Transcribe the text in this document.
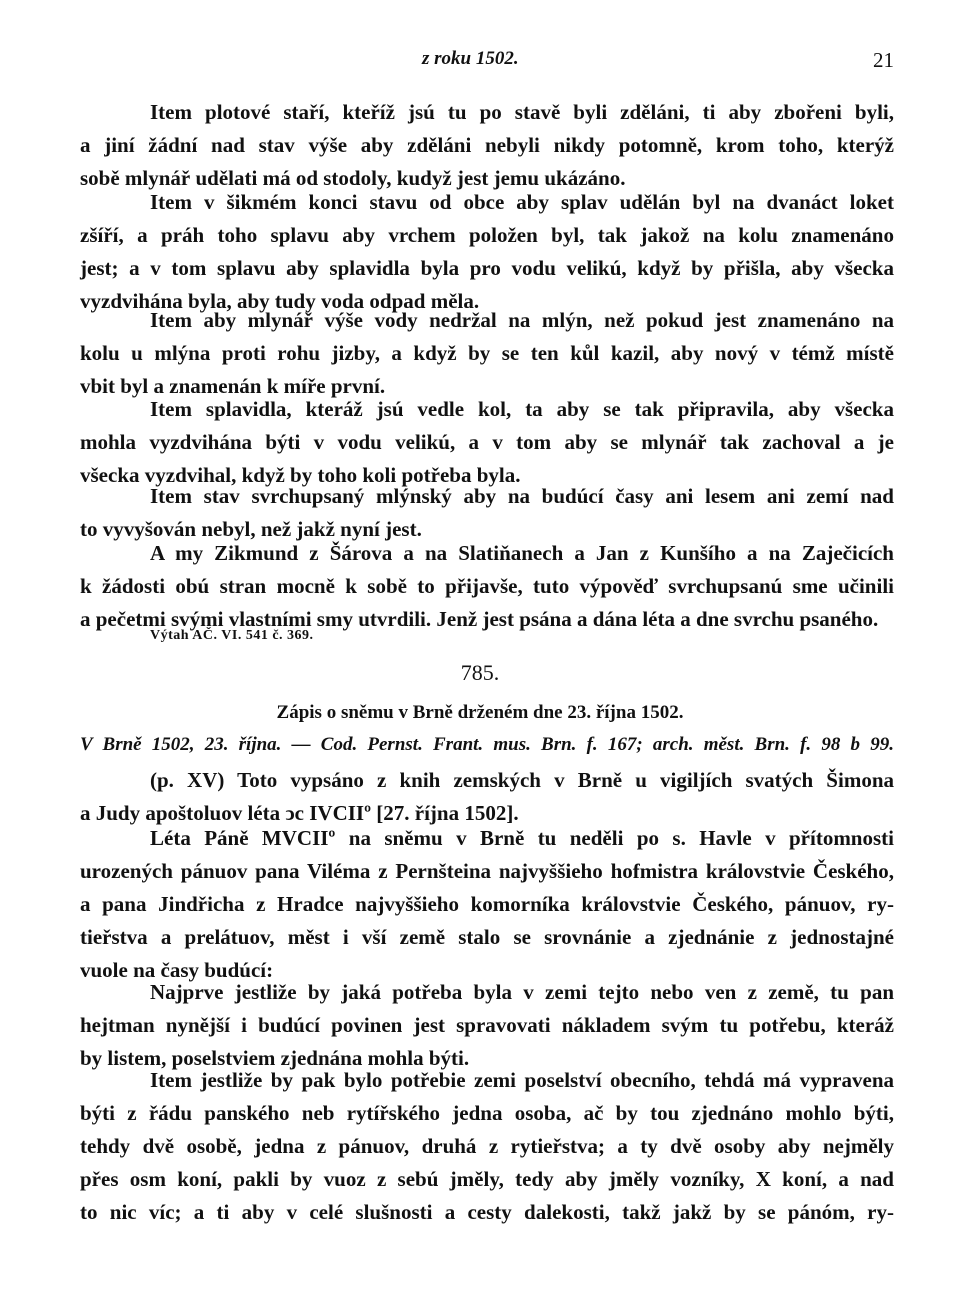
z roku 1502.	21
Item plotové staří, kteříž jsú tu po stavě byli zděláni, ti aby zbořeni byli,
a jiní žádní nad stav výše aby zděláni nebyli nikdy potomně, krom toho, kterýž
sobě mlynář udělati má od stodoly, kudyž jest jemu ukázáno.
Item v šikmém konci stavu od obce aby splav udělán byl na dvanáct loket
zšíří, a práh toho splavu aby vrchem položen byl, tak jakož na kolu znamenáno
jest; a v tom splavu aby splavidla byla pro vodu velikú, když by přišla, aby všecka
vyzdvihána byla, aby tudy voda odpad měla.
Item aby mlynář výše vody nedržal na mlýn, než pokud jest znamenáno na
kolu u mlýna proti rohu jizby, a když by se ten kůl kazil, aby nový v témž místě
vbit byl a znamenán k míře první.
Item splavidla, kteráž jsú vedle kol, ta aby se tak připravila, aby všecka
mohla vyzdvihána býti v vodu velikú, a v tom aby se mlynář tak zachoval a je
všecka vyzdvihal, když by toho koli potřeba byla.
Item stav svrchupsaný mlýnský aby na budúcí časy ani lesem ani zemí nad
to vyvyšován nebyl, než jakž nyní jest.
A my Zikmund z Šárova a na Slatiňanech a Jan z Kunšího a na Zaječicích
k žádosti obú stran mocně k sobě to přijavše, tuto výpověď svrchupsanú sme učinili
a pečetmi svými vlastními smy utvrdili. Jenž jest psána a dána léta a dne svrchu psaného.
Výtah AČ. VI. 541 č. 369.
785.
Zápis o sněmu v Brně drženém dne 23. října 1502.
V Brně 1502, 23. října. — Cod. Pernst. Frant. mus. Brn. f. 167; arch. měst. Brn. f. 98 b 99.
(p. XV) Toto vypsáno z knih zemských v Brně u vigiljích svatých Šimona
a Judy apoštoluov léta ↄc IVCIIº [27. října 1502].
Léta Páně MVCIIº na sněmu v Brně tu neděli po s. Havle v přítomnosti
urozených pánuov pana Viléma z Pernšteina najvyššieho hofmistra královstvie Českého,
a pana Jindřicha z Hradce najvyššieho komorníka královstvie Českého, pánuov, ry-
tieřstva a prelátuov, měst i vší země stalo se srovnánie a zjednánie z jednostajné
vuole na časy budúcí:
Najprve jestliže by jaká potřeba byla v zemi tejto nebo ven z země, tu pan
hejtman nynější i budúcí povinen jest spravovati nákladem svým tu potřebu, kteráž
by listem, poselstviem zjednána mohla býti.
Item jestliže by pak bylo potřebie zemi poselství obecního, tehdá má vypravena
býti z řádu panského neb rytířského jedna osoba, ač by tou zjednáno mohlo býti,
tehdy dvě osobě, jedna z pánuov, druhá z rytieřstva; a ty dvě osoby aby nejměly
přes osm koní, pakli by vuoz z sebú jměly, tedy aby jměly vozníky, X koní, a nad
to nic víc; a ti aby v celé slušnosti a cesty dalekosti, takž jakž by se pánóm, ry-
